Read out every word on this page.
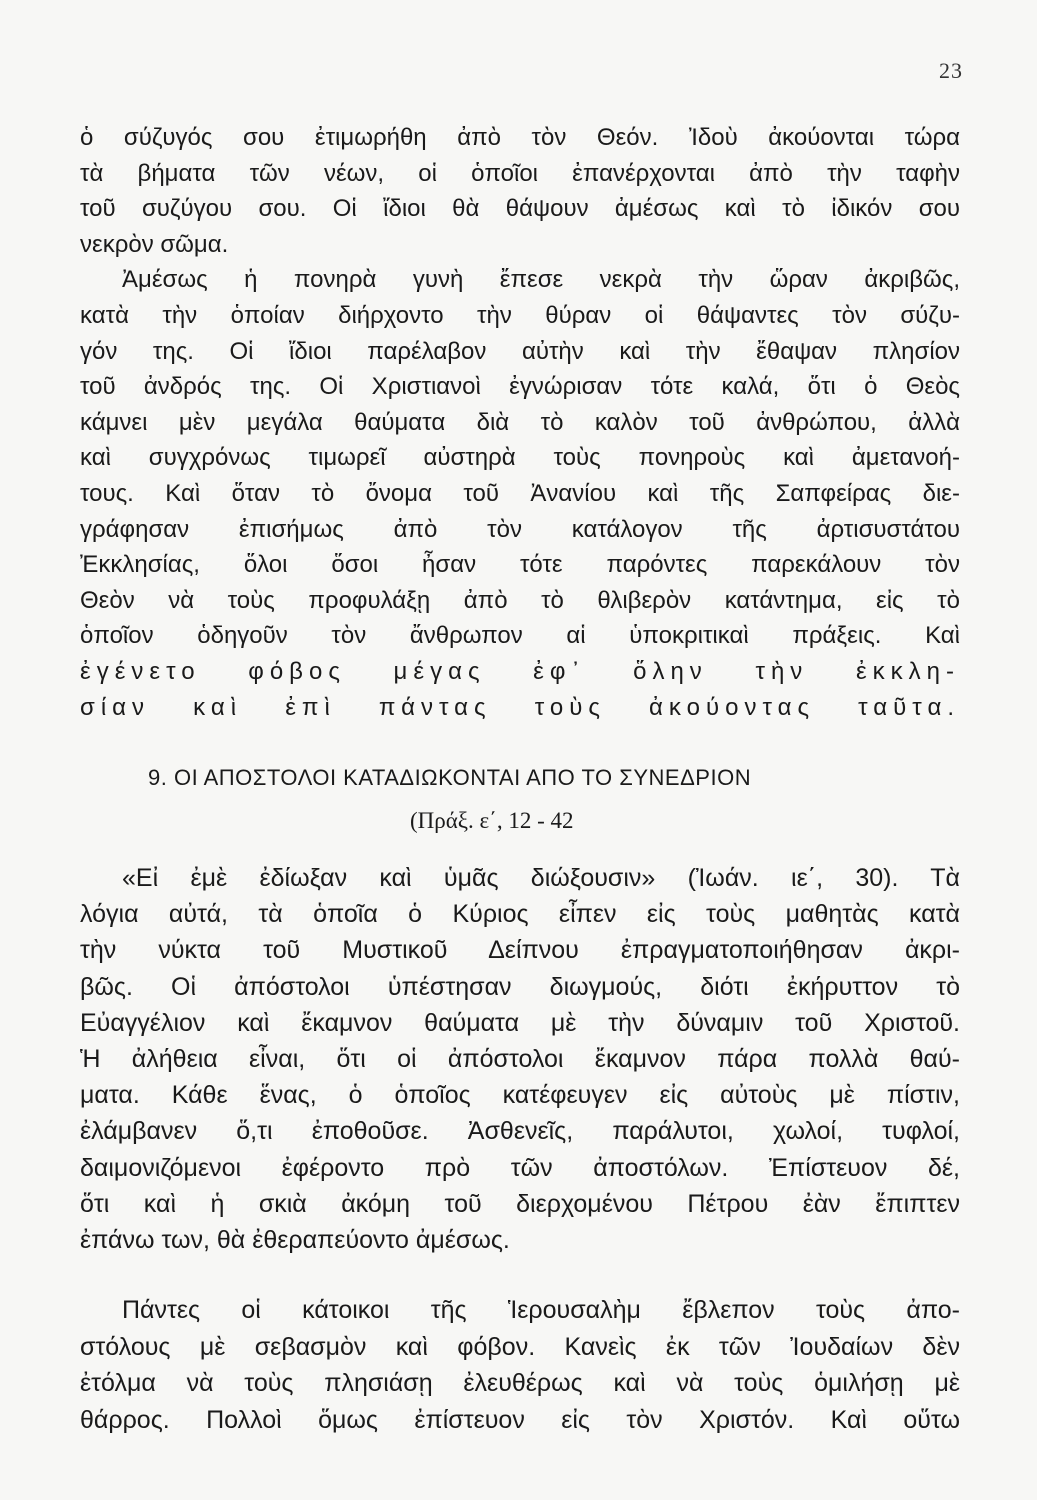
23
ὁ σύζυγός σου ἐτιμωρήθη ἀπὸ τὸν Θεόν. Ἰδοὺ ἀκούονται τώρα
τὰ βήματα τῶν νέων, οἱ ὁποῖοι ἐπανέρχονται ἀπὸ τὴν ταφὴν
τοῦ συζύγου σου. Οἱ ἴδιοι θὰ θάψουν ἀμέσως καὶ τὸ ἰδικόν σου
νεκρὸν σῶμα.
Ἀμέσως ἡ πονηρὰ γυνὴ ἔπεσε νεκρὰ τὴν ὥραν ἀκριβῶς,
κατὰ τὴν ὁποίαν διήρχοντο τὴν θύραν οἱ θάψαντες τὸν σύζυ-
γόν της. Οἱ ἴδιοι παρέλαβον αὐτὴν καὶ τὴν ἔθαψαν πλησίον
τοῦ ἀνδρός της. Οἱ Χριστιανοὶ ἐγνώρισαν τότε καλά, ὅτι ὁ Θεὸς
κάμνει μὲν μεγάλα θαύματα διὰ τὸ καλὸν τοῦ ἀνθρώπου, ἀλλὰ
καὶ συγχρόνως τιμωρεῖ αὐστηρὰ τοὺς πονηροὺς καὶ ἀμετανοή-
τους. Καὶ ὅταν τὸ ὄνομα τοῦ Ἀνανίου καὶ τῆς Σαπφείρας διε-
γράφησαν ἐπισήμως ἀπὸ τὸν κατάλογον τῆς ἀρτισυστάτου
Ἐκκλησίας, ὅλοι ὅσοι ἦσαν τότε παρόντες παρεκάλουν τὸν
Θεὸν νὰ τοὺς προφυλάξῃ ἀπὸ τὸ θλιβερὸν κατάντημα, εἰς τὸ
ὁποῖον ὁδηγοῦν τὸν ἄνθρωπον αἱ ὑποκριτικαὶ πράξεις. Καὶ
ἐγένετο φόβος μέγας ἐφ᾽ ὅλην τὴν ἐκκλη-
σίαν καὶ ἐπὶ πάντας τοὺς ἀκούοντας ταῦτα.
9. ΟΙ ΑΠΟΣΤΟΛΟΙ ΚΑΤΑΔΙΩΚΟΝΤΑΙ ΑΠΟ ΤΟ ΣΥΝΕΔΡΙΟΝ
(Πράξ. ε΄, 12 - 42
«Εἰ ἐμὲ ἐδίωξαν καὶ ὑμᾶς διώξουσιν» (Ἰωάν. ιε΄, 30). Τὰ
λόγια αὐτά, τὰ ὁποῖα ὁ Κύριος εἶπεν εἰς τοὺς μαθητὰς κατὰ
τὴν νύκτα τοῦ Μυστικοῦ Δείπνου ἐπραγματοποιήθησαν ἀκρι-
βῶς. Οἱ ἀπόστολοι ὑπέστησαν διωγμούς, διότι ἐκήρυττον τὸ
Εὐαγγέλιον καὶ ἔκαμνον θαύματα μὲ τὴν δύναμιν τοῦ Χριστοῦ.
Ἡ ἀλήθεια εἶναι, ὅτι οἱ ἀπόστολοι ἔκαμνον πάρα πολλὰ θαύ-
ματα. Κάθε ἕνας, ὁ ὁποῖος κατέφευγεν εἰς αὐτοὺς μὲ πίστιν,
ἐλάμβανεν ὅ,τι ἐποθοῦσε. Ἀσθενεῖς, παράλυτοι, χωλοί, τυφλοί,
δαιμονιζόμενοι ἐφέροντο πρὸ τῶν ἀποστόλων. Ἐπίστευον δέ,
ὅτι καὶ ἡ σκιὰ ἀκόμη τοῦ διερχομένου Πέτρου ἐὰν ἔπιπτεν
ἐπάνω των, θὰ ἐθεραπεύοντο ἀμέσως.
Πάντες οἱ κάτοικοι τῆς Ἱερουσαλὴμ ἔβλεπον τοὺς ἀπο-
στόλους μὲ σεβασμὸν καὶ φόβον. Κανεὶς ἐκ τῶν Ἰουδαίων δὲν
ἐτόλμα νὰ τοὺς πλησιάσῃ ἐλευθέρως καὶ νὰ τοὺς ὁμιλήσῃ μὲ
θάρρος. Πολλοὶ ὅμως ἐπίστευον εἰς τὸν Χριστόν. Καὶ οὕτω
